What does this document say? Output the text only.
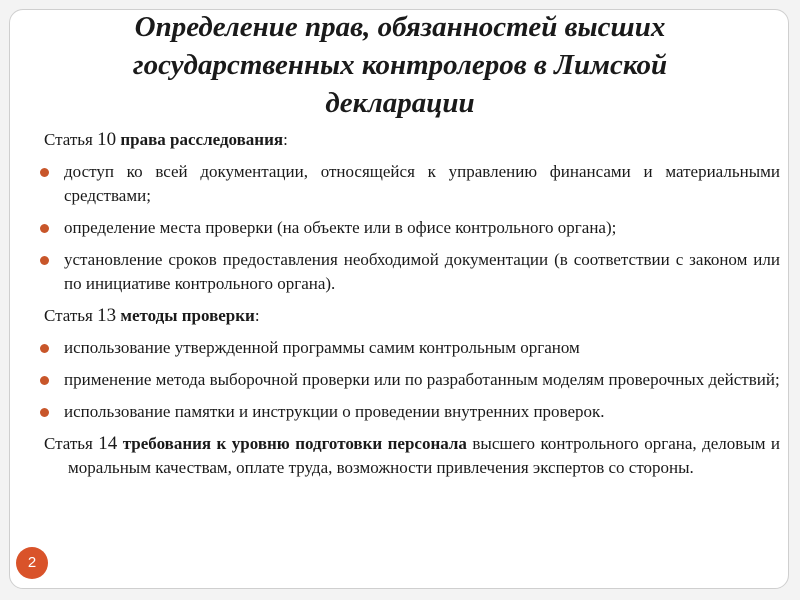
Определение прав, обязанностей высших государственных контролеров в Лимской декларации
Статья 10 права расследования:
доступ ко всей документации, относящейся к управлению финансами и материальными средствами;
определение места проверки (на объекте или в офисе контрольного органа);
установление сроков предоставления необходимой документации (в соответствии с законом или по инициативе контрольного органа).
Статья 13 методы проверки:
использование утвержденной программы самим контрольным органом
применение метода выборочной проверки или по разработанным моделям проверочных действий;
использование памятки и инструкции о проведении внутренних проверок.
Статья 14 требования к уровню подготовки персонала высшего контрольного органа, деловым и моральным качествам, оплате труда, возможности привлечения экспертов со стороны.
2
